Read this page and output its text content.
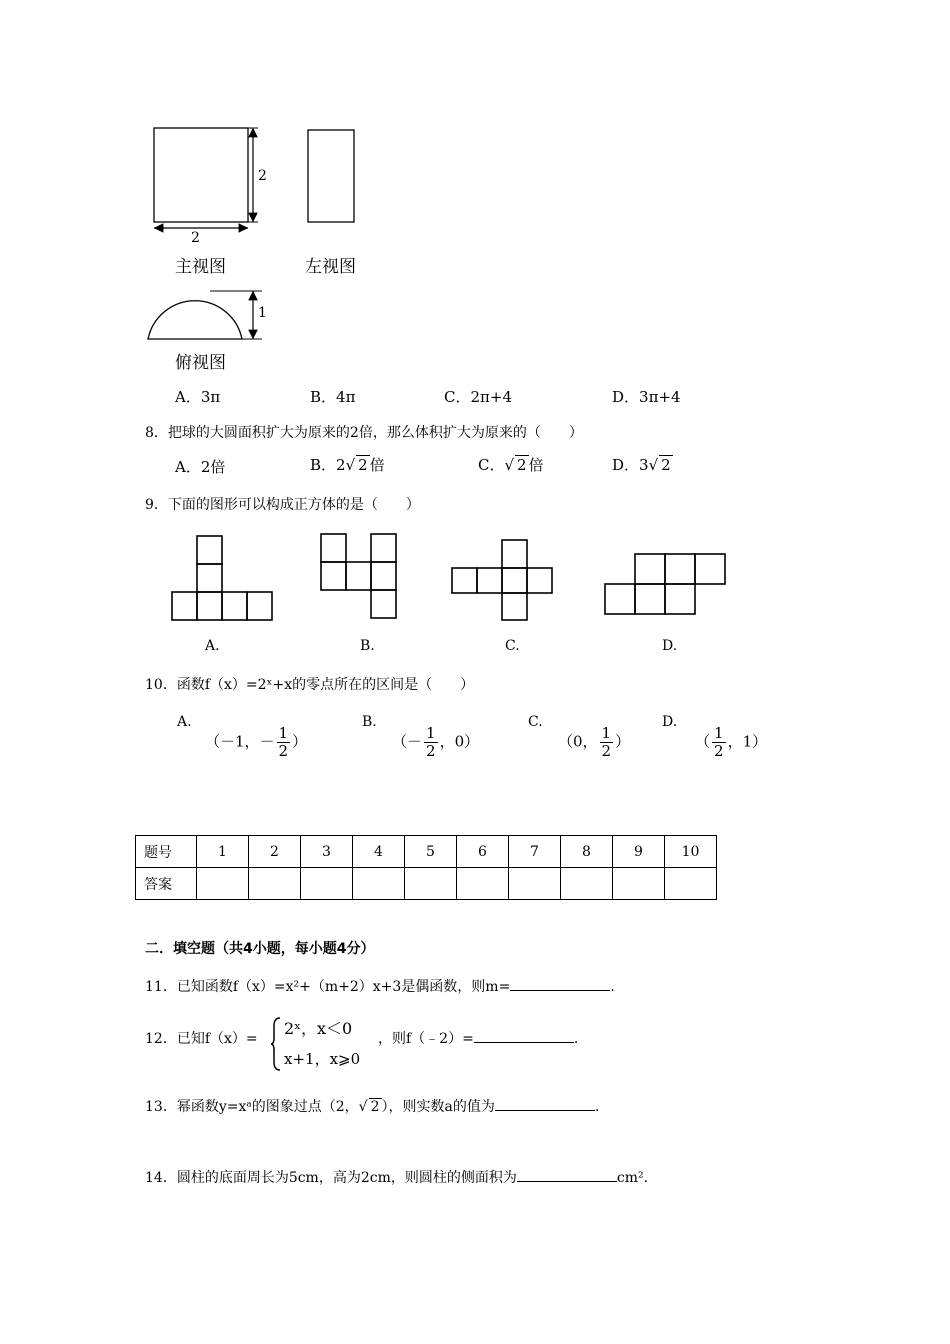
2
2
1
主视图	左视图
俯视图
A．3π	B．4π	C．2π+4	D．3π+4
8．把球的大圆面积扩大为原来的2倍，那么体积扩大为原来的（　　）
A．2倍	B．2√ 2 倍	C．√ 2 倍	D．3√ 2
9．下面的图形可以构成正方体的是（　　）
A.	B.	C.	D.
10．函数f（x）=2ˣ+x的零点所在的区间是（　　）
A.	B.	C.	D.
（－1，－ $\frac{1}{2}$ ）	（－ $\frac{1}{2}$ ，0）	（0， $\frac{1}{2}$ ）	（ $\frac{1}{2}$ ，1）
题号	1	2	3	4	5	6	7	8	9	10
答案										
二．填空题（共4小题，每小题4分）
11．已知函数f（x）=x²+（m+2）x+3是偶函数，则m=	.
12．已知f（x）=
2ˣ，x＜0
x+1，x⩾0
，则f（﹣2）=	.
13．幂函数y=xᵃ的图象过点（2，√ 2 ），则实数a的值为	.
14．圆柱的底面周长为5cm，高为2cm，则圆柱的侧面积为	cm².
